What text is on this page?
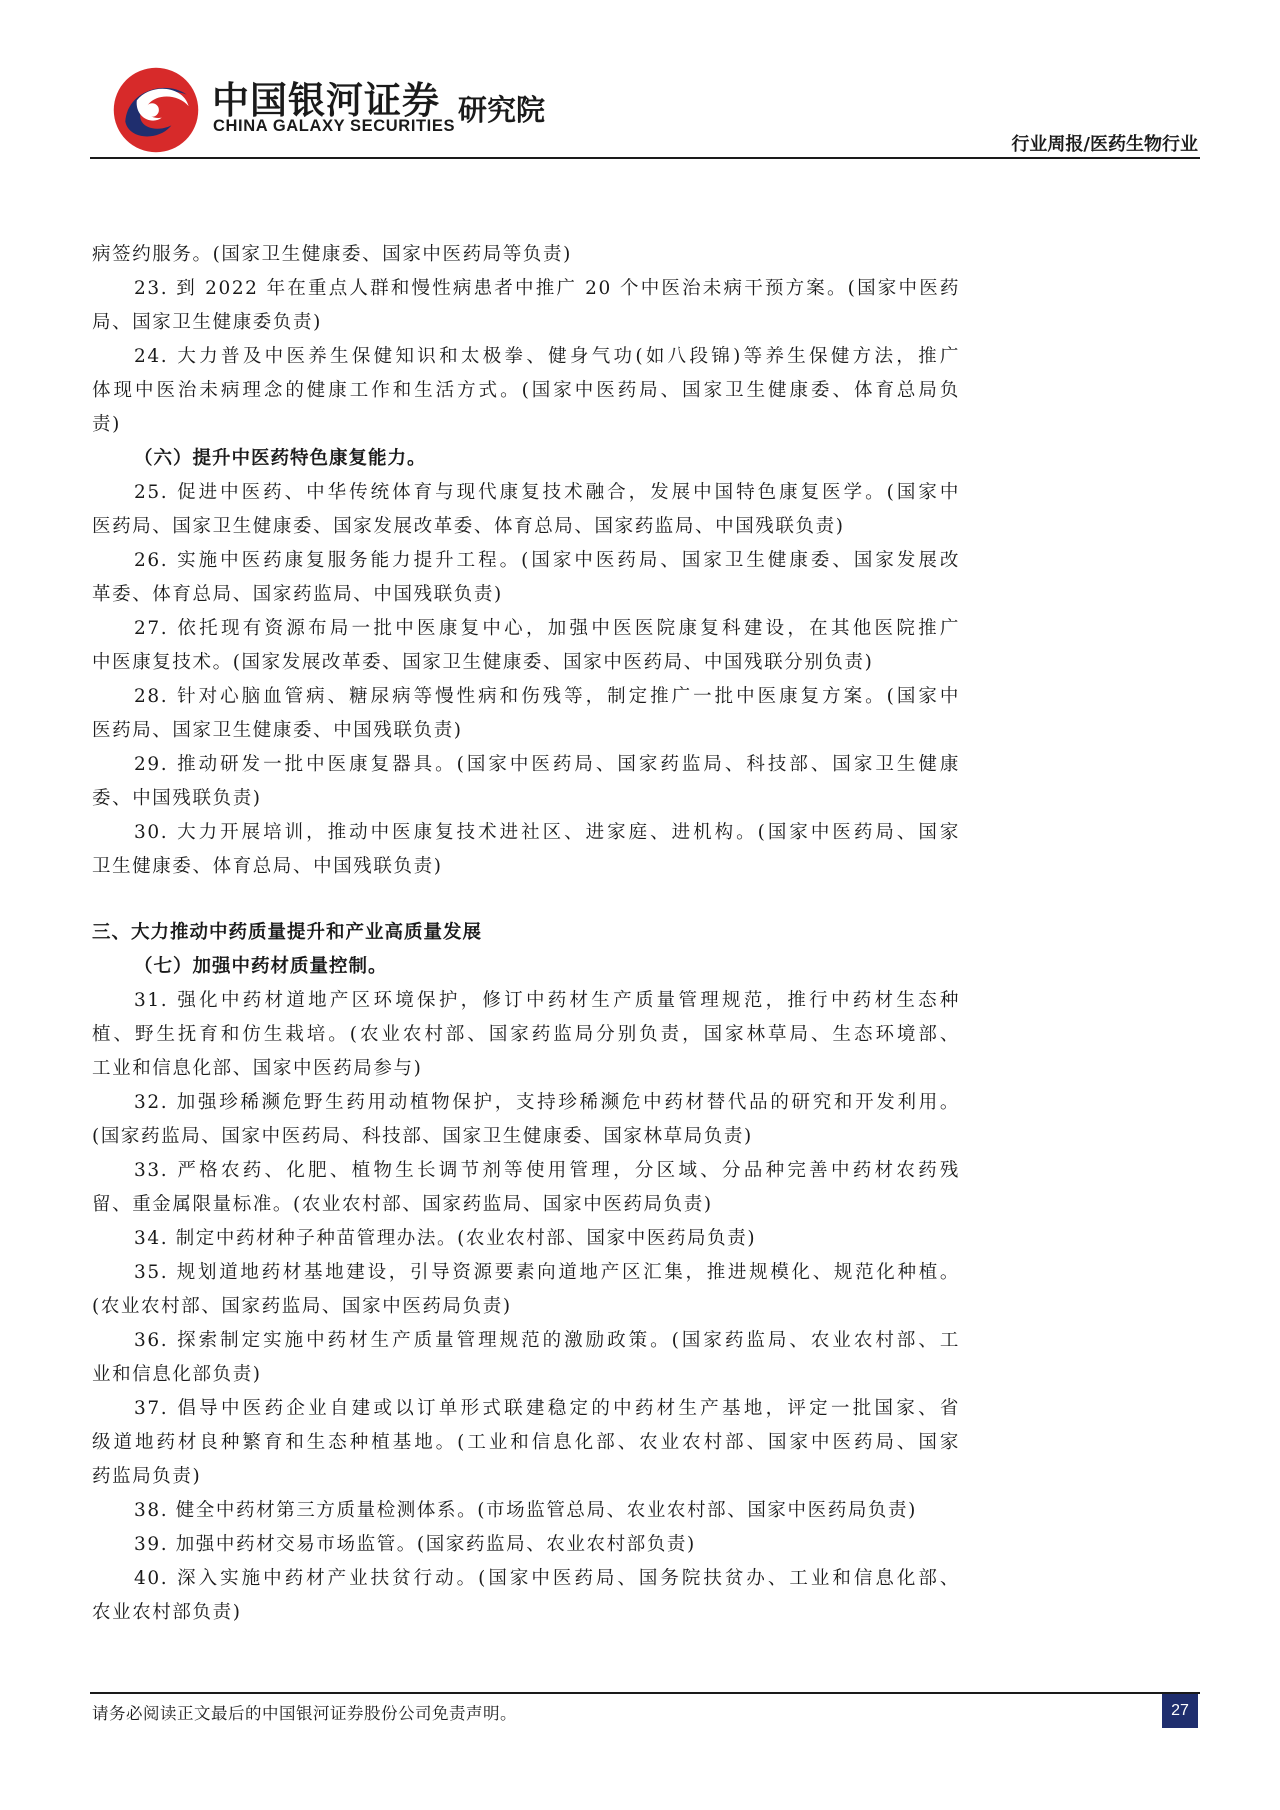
中国银河证券
CHINA GALAXY SECURITIES 研究院
行业周报/医药生物行业
病签约服务。(国家卫生健康委、国家中医药局等负责)
23. 到 2022 年在重点人群和慢性病患者中推广 20 个中医治未病干预方案。(国家中医药
局、国家卫生健康委负责)
24. 大力普及中医养生保健知识和太极拳、健身气功(如八段锦)等养生保健方法，推广
体现中医治未病理念的健康工作和生活方式。(国家中医药局、国家卫生健康委、体育总局负
责)
（六）提升中医药特色康复能力。
25. 促进中医药、中华传统体育与现代康复技术融合，发展中国特色康复医学。(国家中
医药局、国家卫生健康委、国家发展改革委、体育总局、国家药监局、中国残联负责)
26. 实施中医药康复服务能力提升工程。(国家中医药局、国家卫生健康委、国家发展改
革委、体育总局、国家药监局、中国残联负责)
27. 依托现有资源布局一批中医康复中心，加强中医医院康复科建设，在其他医院推广
中医康复技术。(国家发展改革委、国家卫生健康委、国家中医药局、中国残联分别负责)
28. 针对心脑血管病、糖尿病等慢性病和伤残等，制定推广一批中医康复方案。(国家中
医药局、国家卫生健康委、中国残联负责)
29. 推动研发一批中医康复器具。(国家中医药局、国家药监局、科技部、国家卫生健康
委、中国残联负责)
30. 大力开展培训，推动中医康复技术进社区、进家庭、进机构。(国家中医药局、国家
卫生健康委、体育总局、中国残联负责)
三、大力推动中药质量提升和产业高质量发展
（七）加强中药材质量控制。
31. 强化中药材道地产区环境保护，修订中药材生产质量管理规范，推行中药材生态种
植、野生抚育和仿生栽培。(农业农村部、国家药监局分别负责，国家林草局、生态环境部、
工业和信息化部、国家中医药局参与)
32. 加强珍稀濒危野生药用动植物保护，支持珍稀濒危中药材替代品的研究和开发利用。
(国家药监局、国家中医药局、科技部、国家卫生健康委、国家林草局负责)
33. 严格农药、化肥、植物生长调节剂等使用管理，分区域、分品种完善中药材农药残
留、重金属限量标准。(农业农村部、国家药监局、国家中医药局负责)
34. 制定中药材种子种苗管理办法。(农业农村部、国家中医药局负责)
35. 规划道地药材基地建设，引导资源要素向道地产区汇集，推进规模化、规范化种植。
(农业农村部、国家药监局、国家中医药局负责)
36. 探索制定实施中药材生产质量管理规范的激励政策。(国家药监局、农业农村部、工
业和信息化部负责)
37. 倡导中医药企业自建或以订单形式联建稳定的中药材生产基地，评定一批国家、省
级道地药材良种繁育和生态种植基地。(工业和信息化部、农业农村部、国家中医药局、国家
药监局负责)
38. 健全中药材第三方质量检测体系。(市场监管总局、农业农村部、国家中医药局负责)
39. 加强中药材交易市场监管。(国家药监局、农业农村部负责)
40. 深入实施中药材产业扶贫行动。(国家中医药局、国务院扶贫办、工业和信息化部、
农业农村部负责)
请务必阅读正文最后的中国银河证券股份公司免责声明。	27
